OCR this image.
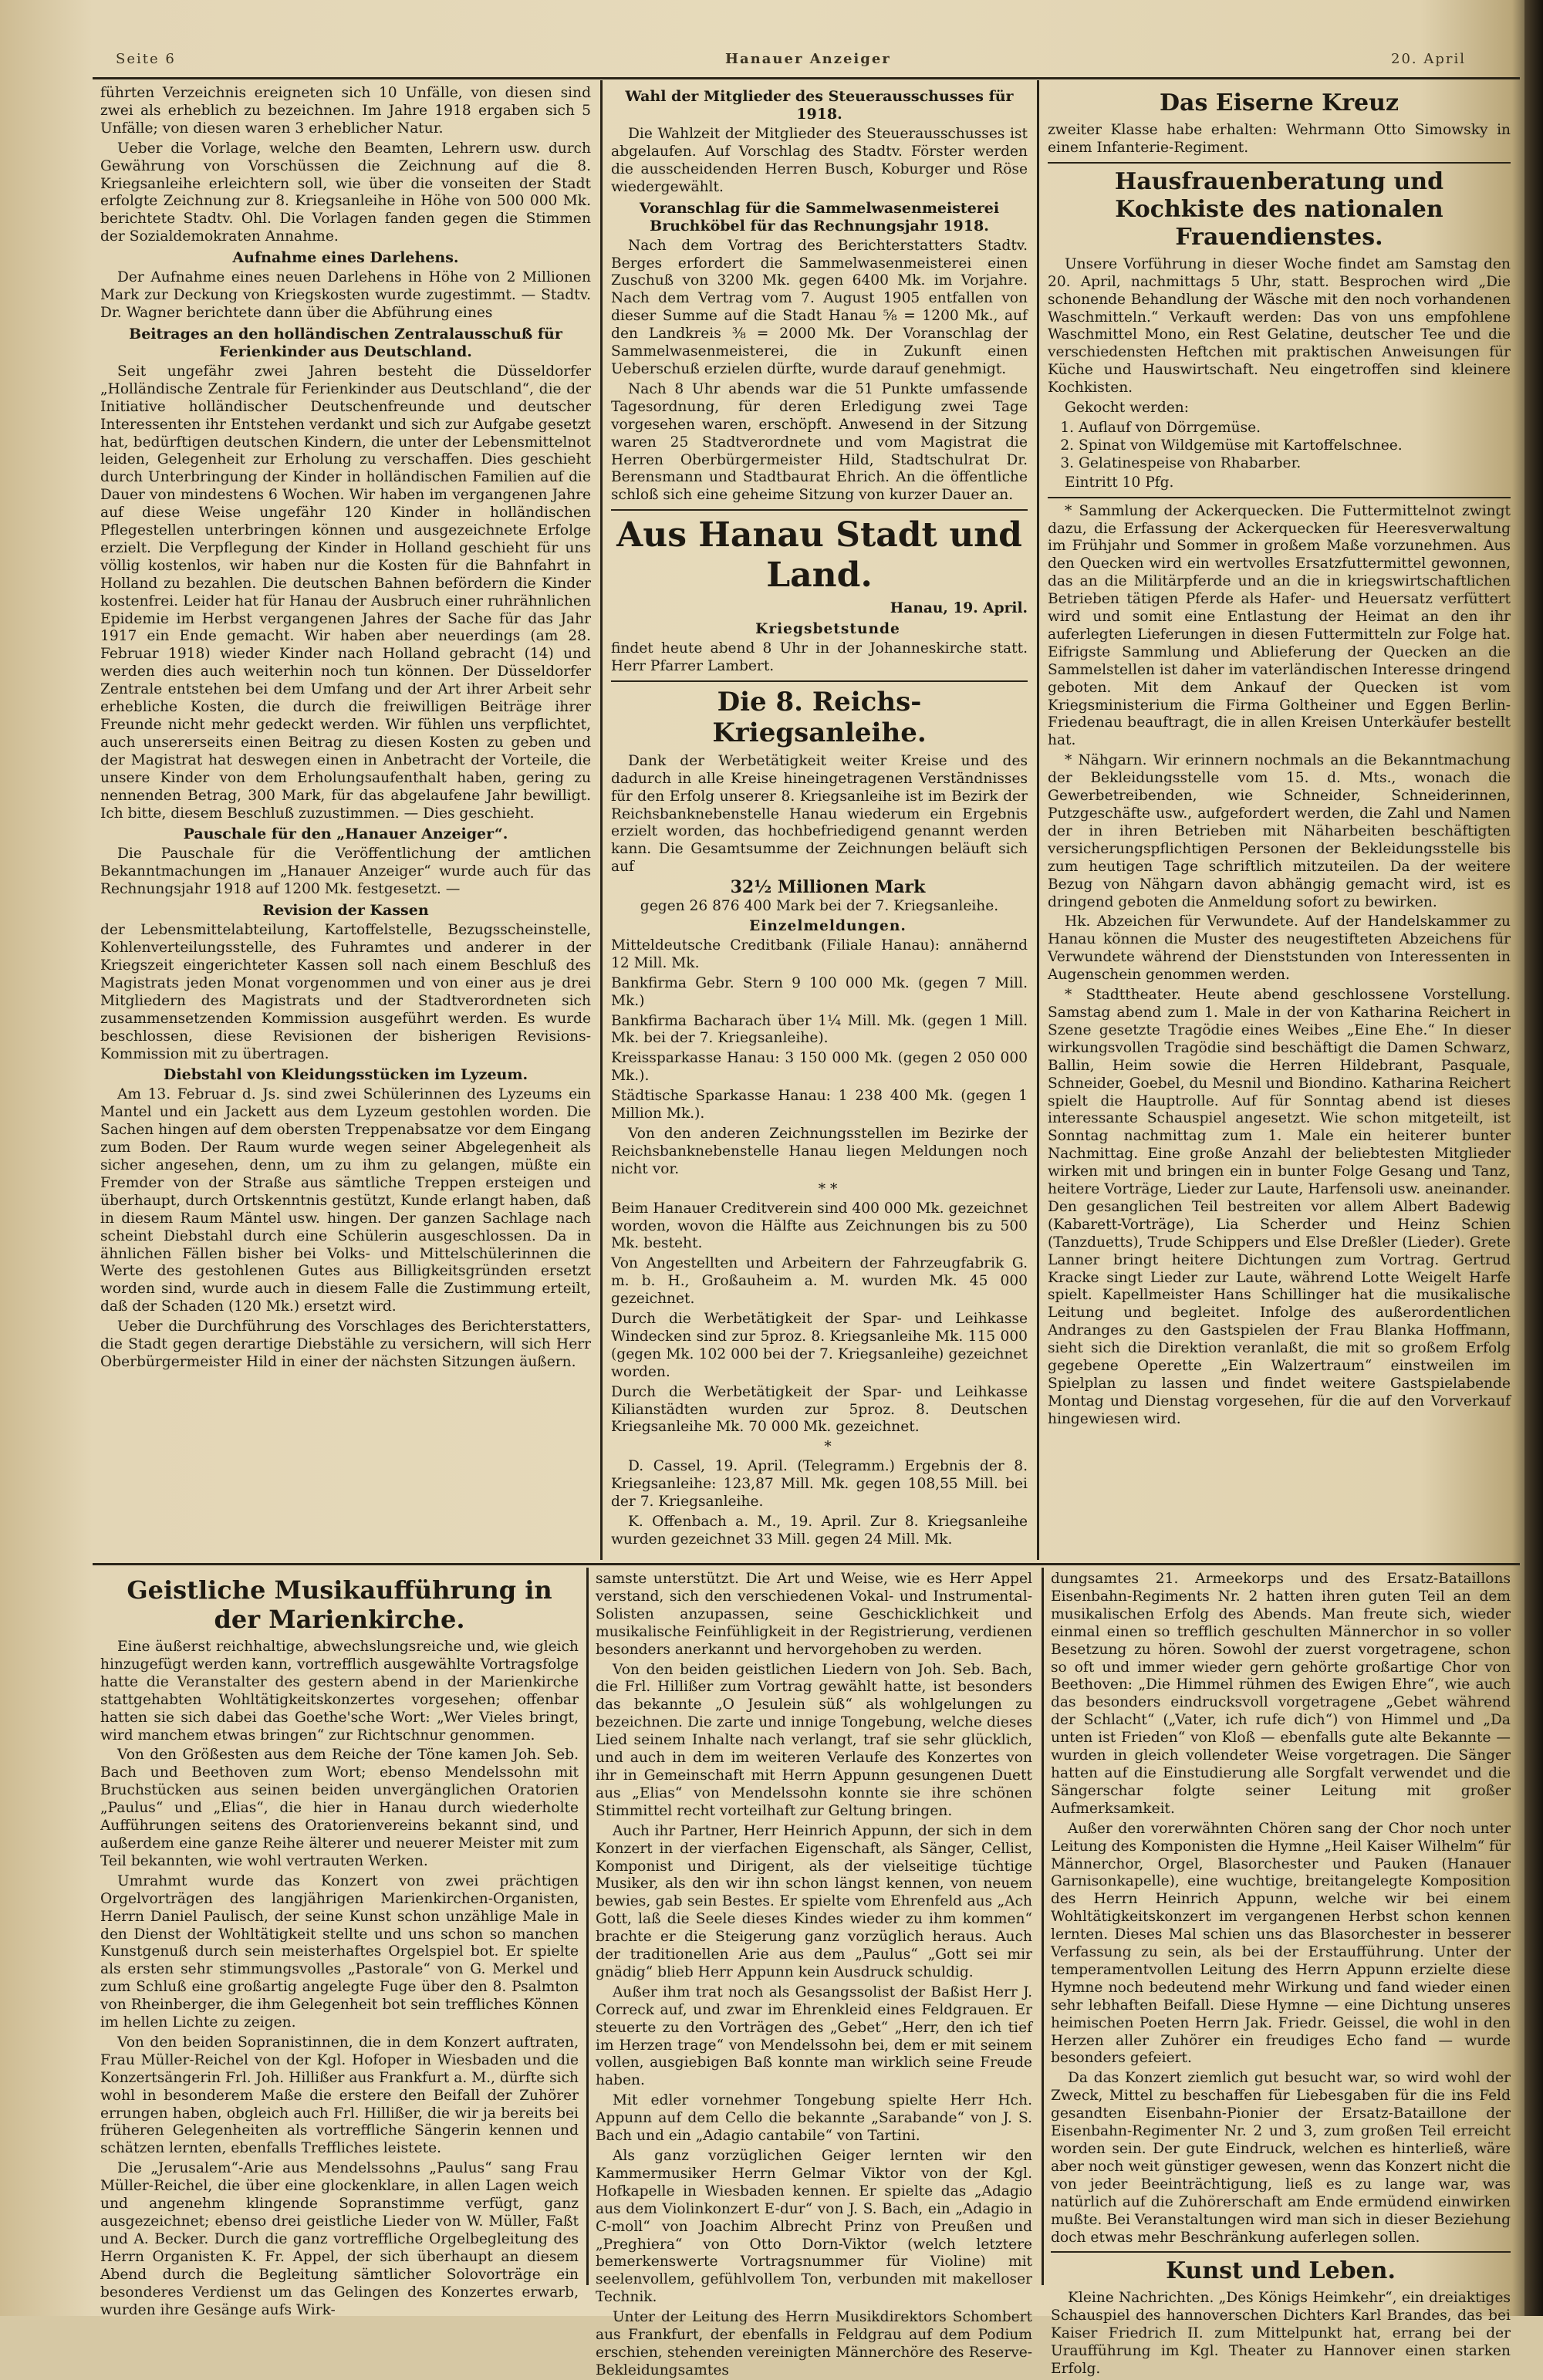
Seite 6	Hanauer Anzeiger	20. April

führten Verzeichnis ereigneten sich 10 Unfälle, von diesen sind zwei als erheblich zu bezeichnen. Im Jahre 1918 ergaben sich 5 Unfälle; von diesen waren 3 erheblicher Natur.

Ueber die Vorlage, welche den Beamten, Lehrern usw. durch Gewährung von Vorschüssen die Zeichnung auf die 8. Kriegsanleihe erleichtern soll, wie über die vonseiten der Stadt erfolgte Zeichnung zur 8. Kriegsanleihe in Höhe von 500 000 Mk. berichtete Stadtv. Ohl. Die Vorlagen fanden gegen die Stimmen der Sozialdemokraten Annahme.

Aufnahme eines Darlehens.

Der Aufnahme eines neuen Darlehens in Höhe von 2 Millionen Mark zur Deckung von Kriegskosten wurde zugestimmt. — Stadtv. Dr. Wagner berichtete dann über die Abführung eines

Beitrages an den holländischen Zentralausschuß für Ferienkinder aus Deutschland.

Seit ungefähr zwei Jahren besteht die Düsseldorfer „Holländische Zentrale für Ferienkinder aus Deutschland“, die der Initiative holländischer Deutschenfreunde und deutscher Interessenten ihr Entstehen verdankt und sich zur Aufgabe gesetzt hat, bedürftigen deutschen Kindern, die unter der Lebensmittelnot leiden, Gelegenheit zur Erholung zu verschaffen. Dies geschieht durch Unterbringung der Kinder in holländischen Familien auf die Dauer von mindestens 6 Wochen. Wir haben im vergangenen Jahre auf diese Weise ungefähr 120 Kinder in holländischen Pflegestellen unterbringen können und ausgezeichnete Erfolge erzielt. Die Verpflegung der Kinder in Holland geschieht für uns völlig kostenlos, wir haben nur die Kosten für die Bahnfahrt in Holland zu bezahlen. Die deutschen Bahnen befördern die Kinder kostenfrei. Leider hat für Hanau der Ausbruch einer ruhrähnlichen Epidemie im Herbst vergangenen Jahres der Sache für das Jahr 1917 ein Ende gemacht. Wir haben aber neuerdings (am 28. Februar 1918) wieder Kinder nach Holland gebracht (14) und werden dies auch weiterhin noch tun können. Der Düsseldorfer Zentrale entstehen bei dem Umfang und der Art ihrer Arbeit sehr erhebliche Kosten, die durch die freiwilligen Beiträge ihrer Freunde nicht mehr gedeckt werden. Wir fühlen uns verpflichtet, auch unsererseits einen Beitrag zu diesen Kosten zu geben und der Magistrat hat deswegen einen in Anbetracht der Vorteile, die unsere Kinder von dem Erholungsaufenthalt haben, gering zu nennenden Betrag, 300 Mark, für das abgelaufene Jahr bewilligt. Ich bitte, diesem Beschluß zuzustimmen. — Dies geschieht.

Pauschale für den „Hanauer Anzeiger“.

Die Pauschale für die Veröffentlichung der amtlichen Bekanntmachungen im „Hanauer Anzeiger“ wurde auch für das Rechnungsjahr 1918 auf 1200 Mk. festgesetzt. —

Revision der Kassen

der Lebensmittelabteilung, Kartoffelstelle, Bezugsscheinstelle, Kohlenverteilungsstelle, des Fuhramtes und anderer in der Kriegszeit eingerichteter Kassen soll nach einem Beschluß des Magistrats jeden Monat vorgenommen und von einer aus je drei Mitgliedern des Magistrats und der Stadtverordneten sich zusammensetzenden Kommission ausgeführt werden. Es wurde beschlossen, diese Revisionen der bisherigen Revisions-Kommission mit zu übertragen.

Diebstahl von Kleidungsstücken im Lyzeum.

Am 13. Februar d. Js. sind zwei Schülerinnen des Lyzeums ein Mantel und ein Jackett aus dem Lyzeum gestohlen worden. Die Sachen hingen auf dem obersten Treppenabsatze vor dem Eingang zum Boden. Der Raum wurde wegen seiner Abgelegenheit als sicher angesehen, denn, um zu ihm zu gelangen, müßte ein Fremder von der Straße aus sämtliche Treppen ersteigen und überhaupt, durch Ortskenntnis gestützt, Kunde erlangt haben, daß in diesem Raum Mäntel usw. hingen. Der ganzen Sachlage nach scheint Diebstahl durch eine Schülerin ausgeschlossen. Da in ähnlichen Fällen bisher bei Volks- und Mittelschülerinnen die Werte des gestohlenen Gutes aus Billigkeitsgründen ersetzt worden sind, wurde auch in diesem Falle die Zustimmung erteilt, daß der Schaden (120 Mk.) ersetzt wird.

Ueber die Durchführung des Vorschlages des Berichterstatters, die Stadt gegen derartige Diebstähle zu versichern, will sich Herr Oberbürgermeister Hild in einer der nächsten Sitzungen äußern.

Wahl der Mitglieder des Steuerausschusses für 1918.

Die Wahlzeit der Mitglieder des Steuerausschusses ist abgelaufen. Auf Vorschlag des Stadtv. Förster werden die ausscheidenden Herren Busch, Koburger und Röse wiedergewählt.

Voranschlag für die Sammelwasenmeisterei Bruchköbel für das Rechnungsjahr 1918.

Nach dem Vortrag des Berichterstatters Stadtv. Berges erfordert die Sammelwasenmeisterei einen Zuschuß von 3200 Mk. gegen 6400 Mk. im Vorjahre. Nach dem Vertrag vom 7. August 1905 entfallen von dieser Summe auf die Stadt Hanau ⅝ = 1200 Mk., auf den Landkreis ⅜ = 2000 Mk. Der Voranschlag der Sammelwasenmeisterei, die in Zukunft einen Ueberschuß erzielen dürfte, wurde darauf genehmigt.

Nach 8 Uhr abends war die 51 Punkte umfassende Tagesordnung, für deren Erledigung zwei Tage vorgesehen waren, erschöpft. Anwesend in der Sitzung waren 25 Stadtverordnete und vom Magistrat die Herren Oberbürgermeister Hild, Stadtschulrat Dr. Berensmann und Stadtbaurat Ehrich. An die öffentliche schloß sich eine geheime Sitzung von kurzer Dauer an.

Aus Hanau Stadt und Land.

Hanau, 19. April.

Kriegsbetstunde

findet heute abend 8 Uhr in der Johanneskirche statt. Herr Pfarrer Lambert.

Die 8. Reichs-Kriegsanleihe.

Dank der Werbetätigkeit weiter Kreise und des dadurch in alle Kreise hineingetragenen Verständnisses für den Erfolg unserer 8. Kriegsanleihe ist im Bezirk der Reichsbanknebenstelle Hanau wiederum ein Ergebnis erzielt worden, das hochbefriedigend genannt werden kann. Die Gesamtsumme der Zeichnungen beläuft sich auf

32½ Millionen Mark

gegen 26 876 400 Mark bei der 7. Kriegsanleihe.

Einzelmeldungen.

Mitteldeutsche Creditbank (Filiale Hanau): annähernd 12 Mill. Mk.

Bankfirma Gebr. Stern 9 100 000 Mk. (gegen 7 Mill. Mk.)

Bankfirma Bacharach über 1¼ Mill. Mk. (gegen 1 Mill. Mk. bei der 7. Kriegsanleihe).

Kreissparkasse Hanau: 3 150 000 Mk. (gegen 2 050 000 Mk.).

Städtische Sparkasse Hanau: 1 238 400 Mk. (gegen 1 Million Mk.).

Von den anderen Zeichnungsstellen im Bezirke der Reichsbanknebenstelle Hanau liegen Meldungen noch nicht vor.

* *

Beim Hanauer Creditverein sind 400 000 Mk. gezeichnet worden, wovon die Hälfte aus Zeichnungen bis zu 500 Mk. besteht.

Von Angestellten und Arbeitern der Fahrzeugfabrik G. m. b. H., Großauheim a. M. wurden Mk. 45 000 gezeichnet.

Durch die Werbetätigkeit der Spar- und Leihkasse Windecken sind zur 5proz. 8. Kriegsanleihe Mk. 115 000 (gegen Mk. 102 000 bei der 7. Kriegsanleihe) gezeichnet worden.

Durch die Werbetätigkeit der Spar- und Leihkasse Kilianstädten wurden zur 5proz. 8. Deutschen Kriegsanleihe Mk. 70 000 Mk. gezeichnet.

*

D. Cassel, 19. April. (Telegramm.) Ergebnis der 8. Kriegsanleihe: 123,87 Mill. Mk. gegen 108,55 Mill. bei der 7. Kriegsanleihe.

K. Offenbach a. M., 19. April. Zur 8. Kriegsanleihe wurden gezeichnet 33 Mill. gegen 24 Mill. Mk.

Das Eiserne Kreuz

zweiter Klasse habe erhalten: Wehrmann Otto Simowsky in einem Infanterie-Regiment.

Hausfrauenberatung und Kochkiste des nationalen Frauendienstes.

Unsere Vorführung in dieser Woche findet am Samstag den 20. April, nachmittags 5 Uhr, statt. Besprochen wird „Die schonende Behandlung der Wäsche mit den noch vorhandenen Waschmitteln.“ Verkauft werden: Das von uns empfohlene Waschmittel Mono, ein Rest Gelatine, deutscher Tee und die verschiedensten Heftchen mit praktischen Anweisungen für Küche und Hauswirtschaft. Neu eingetroffen sind kleinere Kochkisten.

Gekocht werden:

1. Auflauf von Dörrgemüse.
2. Spinat von Wildgemüse mit Kartoffelschnee.
3. Gelatinespeise von Rhabarber.

Eintritt 10 Pfg.

* Sammlung der Ackerquecken. Die Futtermittelnot zwingt dazu, die Erfassung der Ackerquecken für Heeresverwaltung im Frühjahr und Sommer in großem Maße vorzunehmen. Aus den Quecken wird ein wertvolles Ersatzfuttermittel gewonnen, das an die Militärpferde und an die in kriegswirtschaftlichen Betrieben tätigen Pferde als Hafer- und Heuersatz verfüttert wird und somit eine Entlastung der Heimat an den ihr auferlegten Lieferungen in diesen Futtermitteln zur Folge hat. Eifrigste Sammlung und Ablieferung der Quecken an die Sammelstellen ist daher im vaterländischen Interesse dringend geboten. Mit dem Ankauf der Quecken ist vom Kriegsministerium die Firma Goltheiner und Eggen Berlin-Friedenau beauftragt, die in allen Kreisen Unterkäufer bestellt hat.

* Nähgarn. Wir erinnern nochmals an die Bekanntmachung der Bekleidungsstelle vom 15. d. Mts., wonach die Gewerbetreibenden, wie Schneider, Schneiderinnen, Putzgeschäfte usw., aufgefordert werden, die Zahl und Namen der in ihren Betrieben mit Näharbeiten beschäftigten versicherungspflichtigen Personen der Bekleidungsstelle bis zum heutigen Tage schriftlich mitzuteilen. Da der weitere Bezug von Nähgarn davon abhängig gemacht wird, ist es dringend geboten die Anmeldung sofort zu bewirken.

Hk. Abzeichen für Verwundete. Auf der Handelskammer zu Hanau können die Muster des neugestifteten Abzeichens für Verwundete während der Dienststunden von Interessenten in Augenschein genommen werden.

* Stadttheater. Heute abend geschlossene Vorstellung. Samstag abend zum 1. Male in der von Katharina Reichert in Szene gesetzte Tragödie eines Weibes „Eine Ehe.“ In dieser wirkungsvollen Tragödie sind beschäftigt die Damen Schwarz, Ballin, Heim sowie die Herren Hildebrant, Pasquale, Schneider, Goebel, du Mesnil und Biondino. Katharina Reichert spielt die Hauptrolle. Auf für Sonntag abend ist dieses interessante Schauspiel angesetzt. Wie schon mitgeteilt, ist Sonntag nachmittag zum 1. Male ein heiterer bunter Nachmittag. Eine große Anzahl der beliebtesten Mitglieder wirken mit und bringen ein in bunter Folge Gesang und Tanz, heitere Vorträge, Lieder zur Laute, Harfensoli usw. aneinander. Den gesanglichen Teil bestreiten vor allem Albert Badewig (Kabarett-Vorträge), Lia Scherder und Heinz Schien (Tanzduetts), Trude Schippers und Else Dreßler (Lieder). Grete Lanner bringt heitere Dichtungen zum Vortrag. Gertrud Kracke singt Lieder zur Laute, während Lotte Weigelt Harfe spielt. Kapellmeister Hans Schillinger hat die musikalische Leitung und begleitet. Infolge des außerordentlichen Andranges zu den Gastspielen der Frau Blanka Hoffmann, sieht sich die Direktion veranlaßt, die mit so großem Erfolg gegebene Operette „Ein Walzertraum“ einstweilen im Spielplan zu lassen und findet weitere Gastspielabende Montag und Dienstag vorgesehen, für die auf den Vorverkauf hingewiesen wird.

Geistliche Musikaufführung in der Marienkirche.

Eine äußerst reichhaltige, abwechslungsreiche und, wie gleich hinzugefügt werden kann, vortrefflich ausgewählte Vortragsfolge hatte die Veranstalter des gestern abend in der Marienkirche stattgehabten Wohltätigkeitskonzertes vorgesehen; offenbar hatten sie sich dabei das Goethe'sche Wort: „Wer Vieles bringt, wird manchem etwas bringen“ zur Richtschnur genommen.

Von den Größesten aus dem Reiche der Töne kamen Joh. Seb. Bach und Beethoven zum Wort; ebenso Mendelssohn mit Bruchstücken aus seinen beiden unvergänglichen Oratorien „Paulus“ und „Elias“, die hier in Hanau durch wiederholte Aufführungen seitens des Oratorienvereins bekannt sind, und außerdem eine ganze Reihe älterer und neuerer Meister mit zum Teil bekannten, wie wohl vertrauten Werken.

Umrahmt wurde das Konzert von zwei prächtigen Orgelvorträgen des langjährigen Marienkirchen-Organisten, Herrn Daniel Paulisch, der seine Kunst schon unzählige Male in den Dienst der Wohltätigkeit stellte und uns schon so manchen Kunstgenuß durch sein meisterhaftes Orgelspiel bot. Er spielte als ersten sehr stimmungsvolles „Pastorale“ von G. Merkel und zum Schluß eine großartig angelegte Fuge über den 8. Psalmton von Rheinberger, die ihm Gelegenheit bot sein treffliches Können im hellen Lichte zu zeigen.

Von den beiden Sopranistinnen, die in dem Konzert auftraten, Frau Müller-Reichel von der Kgl. Hofoper in Wiesbaden und die Konzertsängerin Frl. Joh. Hillißer aus Frankfurt a. M., dürfte sich wohl in besonderem Maße die erstere den Beifall der Zuhörer errungen haben, obgleich auch Frl. Hillißer, die wir ja bereits bei früheren Gelegenheiten als vortreffliche Sängerin kennen und schätzen lernten, ebenfalls Treffliches leistete.

Die „Jerusalem“-Arie aus Mendelssohns „Paulus“ sang Frau Müller-Reichel, die über eine glockenklare, in allen Lagen weich und angenehm klingende Sopranstimme verfügt, ganz ausgezeichnet; ebenso drei geistliche Lieder von W. Müller, Faßt und A. Becker. Durch die ganz vortreffliche Orgelbegleitung des Herrn Organisten K. Fr. Appel, der sich überhaupt an diesem Abend durch die Begleitung sämtlicher Solovorträge ein besonderes Verdienst um das Gelingen des Konzertes erwarb, wurden ihre Gesänge aufs Wirk-

samste unterstützt. Die Art und Weise, wie es Herr Appel verstand, sich den verschiedenen Vokal- und Instrumental-Solisten anzupassen, seine Geschicklichkeit und musikalische Feinfühligkeit in der Registrierung, verdienen besonders anerkannt und hervorgehoben zu werden.

Von den beiden geistlichen Liedern von Joh. Seb. Bach, die Frl. Hillißer zum Vortrag gewählt hatte, ist besonders das bekannte „O Jesulein süß“ als wohlgelungen zu bezeichnen. Die zarte und innige Tongebung, welche dieses Lied seinem Inhalte nach verlangt, traf sie sehr glücklich, und auch in dem im weiteren Verlaufe des Konzertes von ihr in Gemeinschaft mit Herrn Appunn gesungenen Duett aus „Elias“ von Mendelssohn konnte sie ihre schönen Stimmittel recht vorteilhaft zur Geltung bringen.

Auch ihr Partner, Herr Heinrich Appunn, der sich in dem Konzert in der vierfachen Eigenschaft, als Sänger, Cellist, Komponist und Dirigent, als der vielseitige tüchtige Musiker, als den wir ihn schon längst kennen, von neuem bewies, gab sein Bestes. Er spielte vom Ehrenfeld aus „Ach Gott, laß die Seele dieses Kindes wieder zu ihm kommen“ brachte er die Steigerung ganz vorzüglich heraus. Auch der traditionellen Arie aus dem „Paulus“ „Gott sei mir gnädig“ blieb Herr Appunn kein Ausdruck schuldig.

Außer ihm trat noch als Gesangssolist der Baßist Herr J. Correck auf, und zwar im Ehrenkleid eines Feldgrauen. Er steuerte zu den Vorträgen des „Gebet“ „Herr, den ich tief im Herzen trage“ von Mendelssohn bei, dem er mit seinem vollen, ausgiebigen Baß konnte man wirklich seine Freude haben.

Mit edler vornehmer Tongebung spielte Herr Hch. Appunn auf dem Cello die bekannte „Sarabande“ von J. S. Bach und ein „Adagio cantabile“ von Tartini.

Als ganz vorzüglichen Geiger lernten wir den Kammermusiker Herrn Gelmar Viktor von der Kgl. Hofkapelle in Wiesbaden kennen. Er spielte das „Adagio aus dem Violinkonzert E-dur“ von J. S. Bach, ein „Adagio in C-moll“ von Joachim Albrecht Prinz von Preußen und „Preghiera“ von Otto Dorn-Viktor (welch letztere bemerkenswerte Vortragsnummer für Violine) mit seelenvollem, gefühlvollem Ton, verbunden mit makelloser Technik.

Unter der Leitung des Herrn Musikdirektors Schombert aus Frankfurt, der ebenfalls in Feldgrau auf dem Podium erschien, stehenden vereinigten Männerchöre des Reserve-Bekleidungsamtes

dungsamtes 21. Armeekorps und des Ersatz-Bataillons Eisenbahn-Regiments Nr. 2 hatten ihren guten Teil an dem musikalischen Erfolg des Abends. Man freute sich, wieder einmal einen so trefflich geschulten Männerchor in so voller Besetzung zu hören. Sowohl der zuerst vorgetragene, schon so oft und immer wieder gern gehörte großartige Chor von Beethoven: „Die Himmel rühmen des Ewigen Ehre“, wie auch das besonders eindrucksvoll vorgetragene „Gebet während der Schlacht“ („Vater, ich rufe dich“) von Himmel und „Da unten ist Frieden“ von Kloß — ebenfalls gute alte Bekannte — wurden in gleich vollendeter Weise vorgetragen. Die Sänger hatten auf die Einstudierung alle Sorgfalt verwendet und die Sängerschar folgte seiner Leitung mit großer Aufmerksamkeit.

Außer den vorerwähnten Chören sang der Chor noch unter Leitung des Komponisten die Hymne „Heil Kaiser Wilhelm“ für Männerchor, Orgel, Blasorchester und Pauken (Hanauer Garnisonkapelle), eine wuchtige, breitangelegte Komposition des Herrn Heinrich Appunn, welche wir bei einem Wohltätigkeitskonzert im vergangenen Herbst schon kennen lernten. Dieses Mal schien uns das Blasorchester in besserer Verfassung zu sein, als bei der Erstaufführung. Unter der temperamentvollen Leitung des Herrn Appunn erzielte diese Hymne noch bedeutend mehr Wirkung und fand wieder einen sehr lebhaften Beifall. Diese Hymne — eine Dichtung unseres heimischen Poeten Herrn Jak. Friedr. Geissel, die wohl in den Herzen aller Zuhörer ein freudiges Echo fand — wurde besonders gefeiert.

Da das Konzert ziemlich gut besucht war, so wird wohl der Zweck, Mittel zu beschaffen für Liebesgaben für die ins Feld gesandten Eisenbahn-Pionier der Ersatz-Bataillone der Eisenbahn-Regimenter Nr. 2 und 3, zum großen Teil erreicht worden sein. Der gute Eindruck, welchen es hinterließ, wäre aber noch weit günstiger gewesen, wenn das Konzert nicht die von jeder Beeinträchtigung, ließ es zu lange war, was natürlich auf die Zuhörerschaft am Ende ermüdend einwirken mußte. Bei Veranstaltungen wird man sich in dieser Beziehung doch etwas mehr Beschränkung auferlegen sollen.

Kunst und Leben.

Kleine Nachrichten. „Des Königs Heimkehr“, ein dreiaktiges Schauspiel des hannoverschen Dichters Karl Brandes, das bei Kaiser Friedrich II. zum Mittelpunkt hat, errang bei der Uraufführung im Kgl. Theater zu Hannover einen starken Erfolg.
